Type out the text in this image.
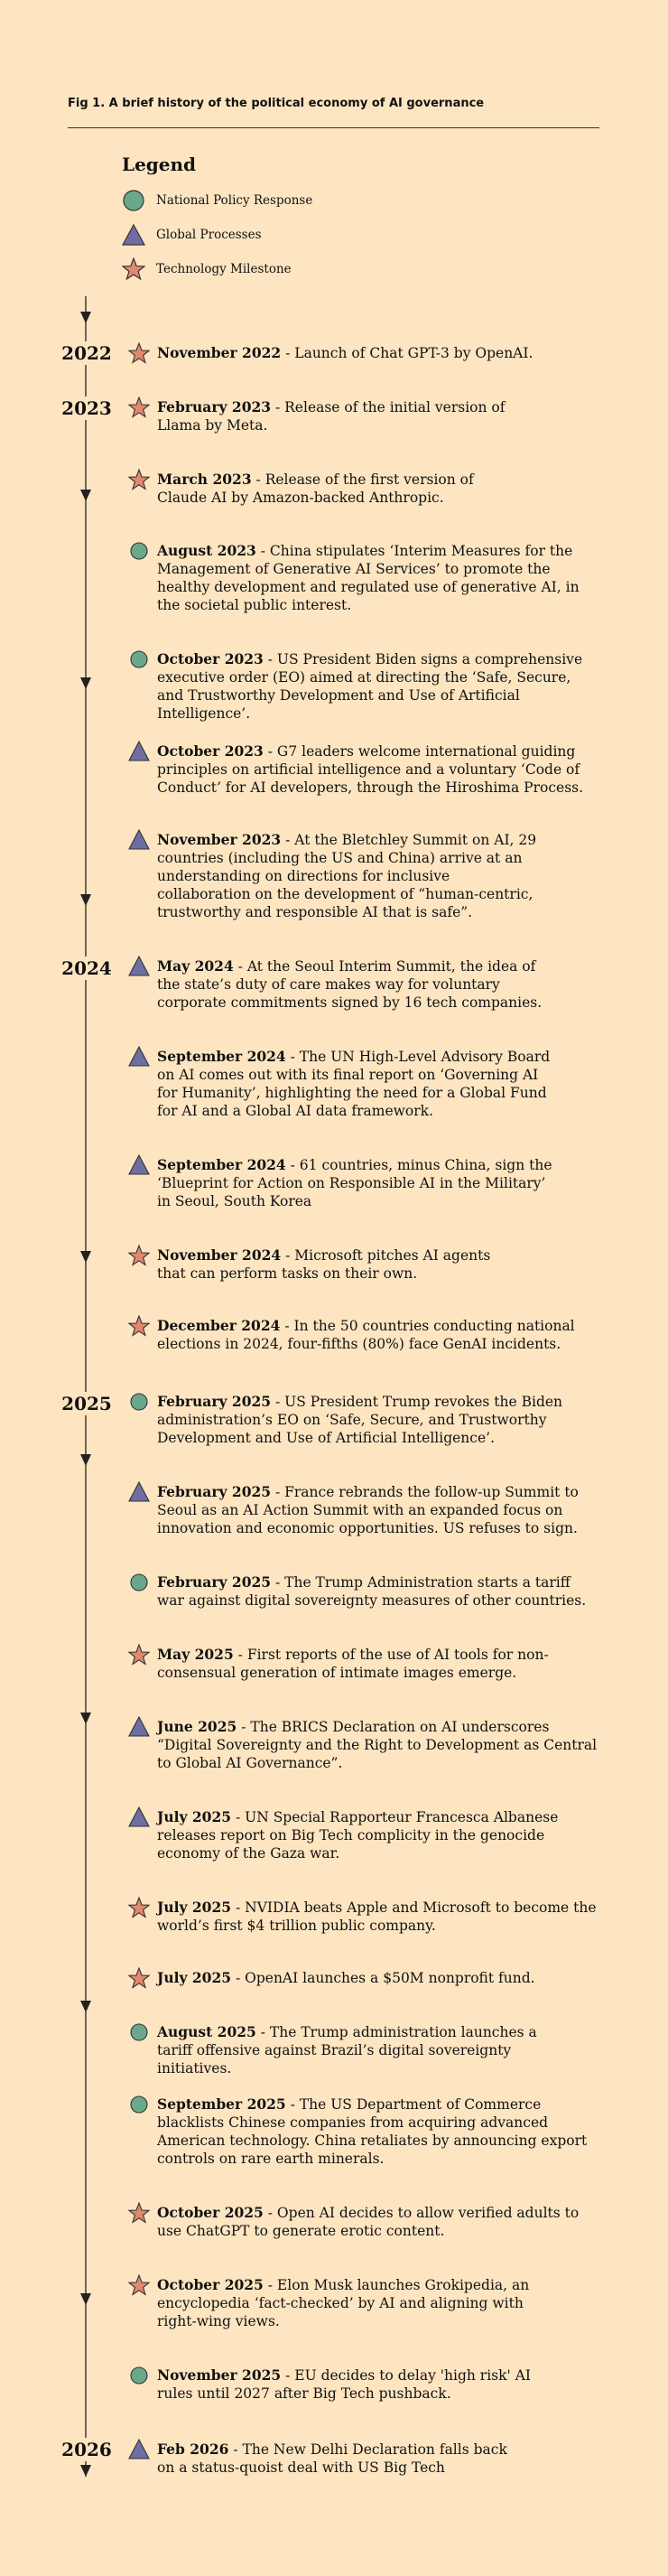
Fig 1. A brief history of the political economy of AI governance
Legend
National Policy Response
Global Processes
Technology Milestone
2022
2023
2024
2025
2026
November 2022 - Launch of Chat GPT-3 by OpenAI.
February 2023 - Release of the initial version of Llama by Meta.
March 2023 - Release of the first version of Claude AI by Amazon-backed Anthropic.
August 2023 - China stipulates ‘Interim Measures for the Management of Generative AI Services’ to promote the healthy development and regulated use of generative AI, in the societal public interest.
October 2023 - US President Biden signs a comprehensive executive order (EO) aimed at directing the ‘Safe, Secure, and Trustworthy Development and Use of Artificial Intelligence’.
October 2023 - G7 leaders welcome international guiding principles on artificial intelligence and a voluntary ‘Code of Conduct’ for AI developers, through the Hiroshima Process.
November 2023 - At the Bletchley Summit on AI, 29 countries (including the US and China) arrive at an understanding on directions for inclusive collaboration on the development of “human-centric, trustworthy and responsible AI that is safe”.
May 2024 - At the Seoul Interim Summit, the idea of the state’s duty of care makes way for voluntary corporate commitments signed by 16 tech companies.
September 2024 - The UN High-Level Advisory Board on AI comes out with its final report on ‘Governing AI for Humanity’, highlighting the need for a Global Fund for AI and a Global AI data framework.
September 2024 - 61 countries, minus China, sign the ‘Blueprint for Action on Responsible AI in the Military’ in Seoul, South Korea
November 2024 - Microsoft pitches AI agents that can perform tasks on their own.
December 2024 - In the 50 countries conducting national elections in 2024, four-fifths (80%) face GenAI incidents.
February 2025 - US President Trump revokes the Biden administration’s EO on ‘Safe, Secure, and Trustworthy Development and Use of Artificial Intelligence’.
February 2025 - France rebrands the follow-up Summit to Seoul as an AI Action Summit with an expanded focus on innovation and economic opportunities. US refuses to sign.
February 2025 - The Trump Administration starts a tariff war against digital sovereignty measures of other countries.
May 2025 - First reports of the use of AI tools for non-consensual generation of intimate images emerge.
June 2025 - The BRICS Declaration on AI underscores “Digital Sovereignty and the Right to Development as Central to Global AI Governance”.
July 2025 - UN Special Rapporteur Francesca Albanese releases report on Big Tech complicity in the genocide economy of the Gaza war.
July 2025 - NVIDIA beats Apple and Microsoft to become the world’s first $4 trillion public company.
July 2025 - OpenAI launches a $50M nonprofit fund.
August 2025 - The Trump administration launches a tariff offensive against Brazil’s digital sovereignty initiatives.
September 2025 - The US Department of Commerce blacklists Chinese companies from acquiring advanced American technology. China retaliates by announcing export controls on rare earth minerals.
October 2025 - Open AI decides to allow verified adults to use ChatGPT to generate erotic content.
October 2025 - Elon Musk launches Grokipedia, an encyclopedia ‘fact-checked’ by AI and aligning with right-wing views.
November 2025 - EU decides to delay 'high risk' AI rules until 2027 after Big Tech pushback.
Feb 2026 - The New Delhi Declaration falls back on a status-quoist deal with US Big Tech
